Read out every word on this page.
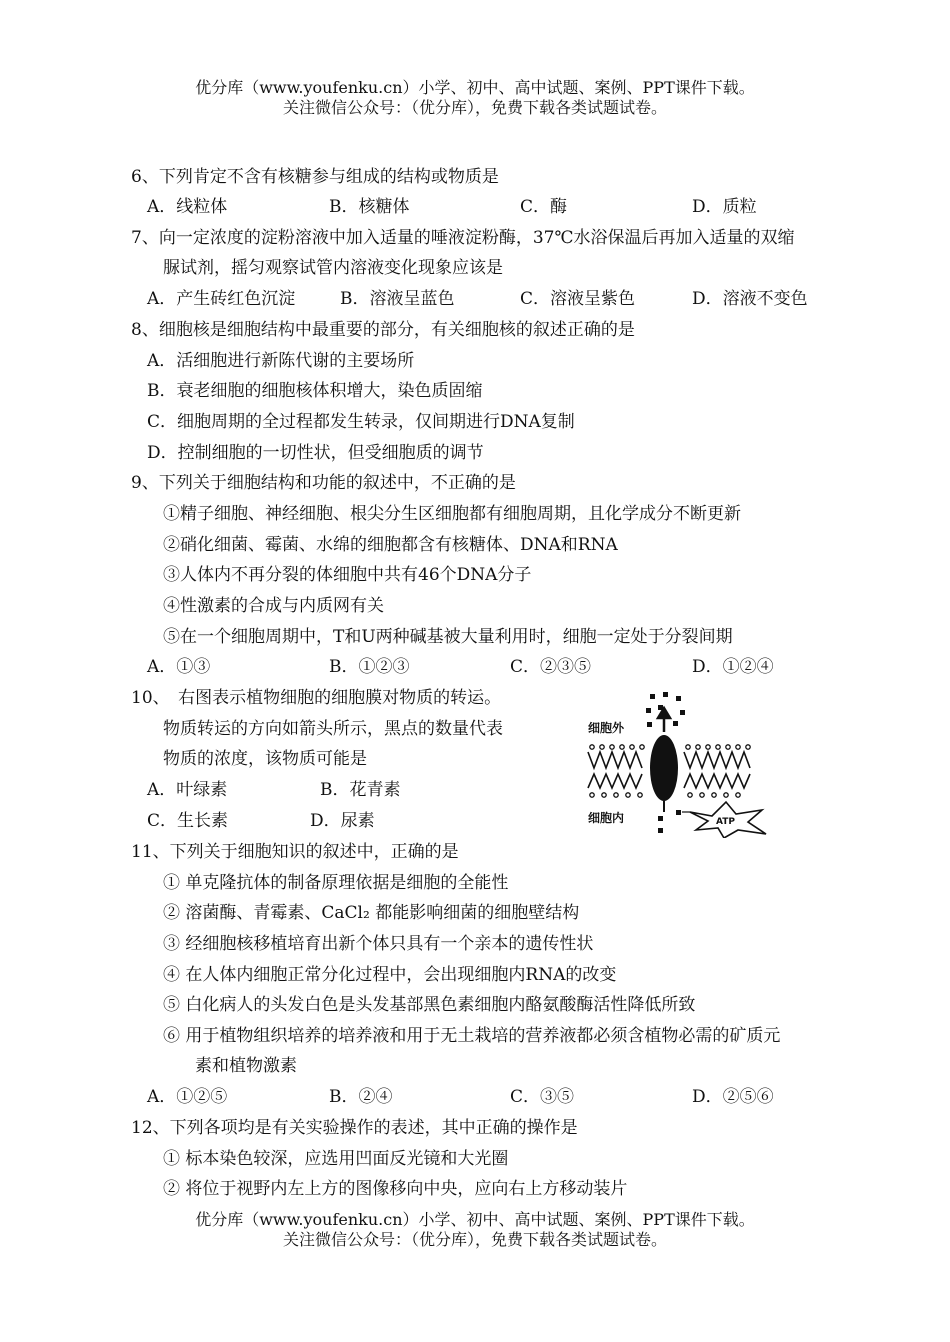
优分库（www.youfenku.cn）小学、初中、高中试题、案例、PPT课件下载。
关注微信公众号：（优分库），免费下载各类试题试卷。
6、下列肯定不含有核糖参与组成的结构或物质是
A．线粒体	B．核糖体	C．酶	D．质粒
7、向一定浓度的淀粉溶液中加入适量的唾液淀粉酶，37℃水浴保温后再加入适量的双缩
脲试剂，摇匀观察试管内溶液变化现象应该是
A．产生砖红色沉淀	B．溶液呈蓝色	C．溶液呈紫色	D．溶液不变色
8、细胞核是细胞结构中最重要的部分，有关细胞核的叙述正确的是
A．活细胞进行新陈代谢的主要场所
B．衰老细胞的细胞核体积增大，染色质固缩
C．细胞周期的全过程都发生转录，仅间期进行DNA复制
D．控制细胞的一切性状，但受细胞质的调节
9、下列关于细胞结构和功能的叙述中，不正确的是
①精子细胞、神经细胞、根尖分生区细胞都有细胞周期，且化学成分不断更新
②硝化细菌、霉菌、水绵的细胞都含有核糖体、DNA和RNA
③人体内不再分裂的体细胞中共有46个DNA分子
④性激素的合成与内质网有关
⑤在一个细胞周期中，T和U两种碱基被大量利用时，细胞一定处于分裂间期
A．①③	B．①②③	C．②③⑤	D．①②④
10、　右图表示植物细胞的细胞膜对物质的转运。
物质转运的方向如箭头所示，黑点的数量代表
物质的浓度，该物质可能是
A．叶绿素	B．花青素
C．生长素	D．尿素
细胞外
细胞内	ATP
11、下列关于细胞知识的叙述中，正确的是
① 单克隆抗体的制备原理依据是细胞的全能性
② 溶菌酶、青霉素、CaCl₂ 都能影响细菌的细胞壁结构
③ 经细胞核移植培育出新个体只具有一个亲本的遗传性状
④ 在人体内细胞正常分化过程中，会出现细胞内RNA的改变
⑤ 白化病人的头发白色是头发基部黑色素细胞内酪氨酸酶活性降低所致
⑥ 用于植物组织培养的培养液和用于无土栽培的营养液都必须含植物必需的矿质元
素和植物激素
A．①②⑤	B．②④	C．③⑤	D．②⑤⑥
12、下列各项均是有关实验操作的表述，其中正确的操作是
① 标本染色较深，应选用凹面反光镜和大光圈
② 将位于视野内左上方的图像移向中央，应向右上方移动装片
优分库（www.youfenku.cn）小学、初中、高中试题、案例、PPT课件下载。
关注微信公众号：（优分库），免费下载各类试题试卷。
